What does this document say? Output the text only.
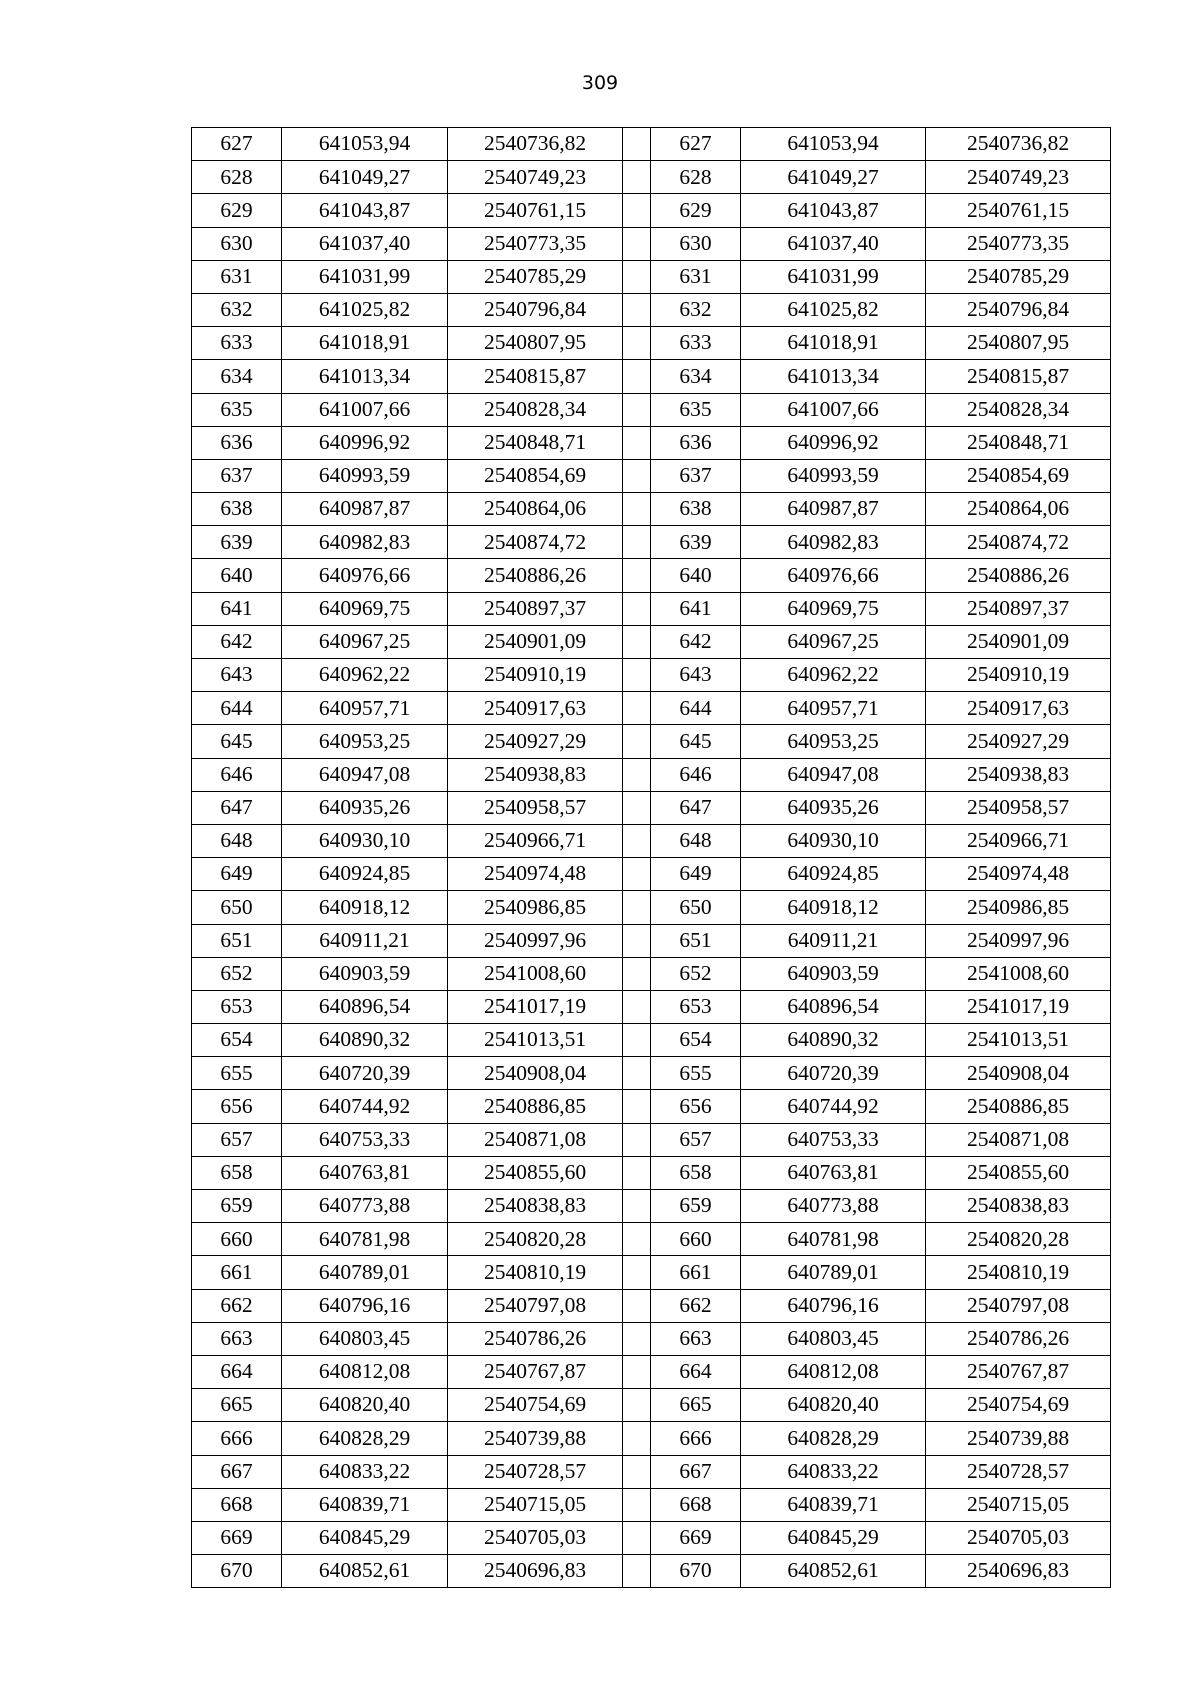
309
627	641053,94	2540736,82		627	641053,94	2540736,82
628	641049,27	2540749,23		628	641049,27	2540749,23
629	641043,87	2540761,15		629	641043,87	2540761,15
630	641037,40	2540773,35		630	641037,40	2540773,35
631	641031,99	2540785,29		631	641031,99	2540785,29
632	641025,82	2540796,84		632	641025,82	2540796,84
633	641018,91	2540807,95		633	641018,91	2540807,95
634	641013,34	2540815,87		634	641013,34	2540815,87
635	641007,66	2540828,34		635	641007,66	2540828,34
636	640996,92	2540848,71		636	640996,92	2540848,71
637	640993,59	2540854,69		637	640993,59	2540854,69
638	640987,87	2540864,06		638	640987,87	2540864,06
639	640982,83	2540874,72		639	640982,83	2540874,72
640	640976,66	2540886,26		640	640976,66	2540886,26
641	640969,75	2540897,37		641	640969,75	2540897,37
642	640967,25	2540901,09		642	640967,25	2540901,09
643	640962,22	2540910,19		643	640962,22	2540910,19
644	640957,71	2540917,63		644	640957,71	2540917,63
645	640953,25	2540927,29		645	640953,25	2540927,29
646	640947,08	2540938,83		646	640947,08	2540938,83
647	640935,26	2540958,57		647	640935,26	2540958,57
648	640930,10	2540966,71		648	640930,10	2540966,71
649	640924,85	2540974,48		649	640924,85	2540974,48
650	640918,12	2540986,85		650	640918,12	2540986,85
651	640911,21	2540997,96		651	640911,21	2540997,96
652	640903,59	2541008,60		652	640903,59	2541008,60
653	640896,54	2541017,19		653	640896,54	2541017,19
654	640890,32	2541013,51		654	640890,32	2541013,51
655	640720,39	2540908,04		655	640720,39	2540908,04
656	640744,92	2540886,85		656	640744,92	2540886,85
657	640753,33	2540871,08		657	640753,33	2540871,08
658	640763,81	2540855,60		658	640763,81	2540855,60
659	640773,88	2540838,83		659	640773,88	2540838,83
660	640781,98	2540820,28		660	640781,98	2540820,28
661	640789,01	2540810,19		661	640789,01	2540810,19
662	640796,16	2540797,08		662	640796,16	2540797,08
663	640803,45	2540786,26		663	640803,45	2540786,26
664	640812,08	2540767,87		664	640812,08	2540767,87
665	640820,40	2540754,69		665	640820,40	2540754,69
666	640828,29	2540739,88		666	640828,29	2540739,88
667	640833,22	2540728,57		667	640833,22	2540728,57
668	640839,71	2540715,05		668	640839,71	2540715,05
669	640845,29	2540705,03		669	640845,29	2540705,03
670	640852,61	2540696,83		670	640852,61	2540696,83
